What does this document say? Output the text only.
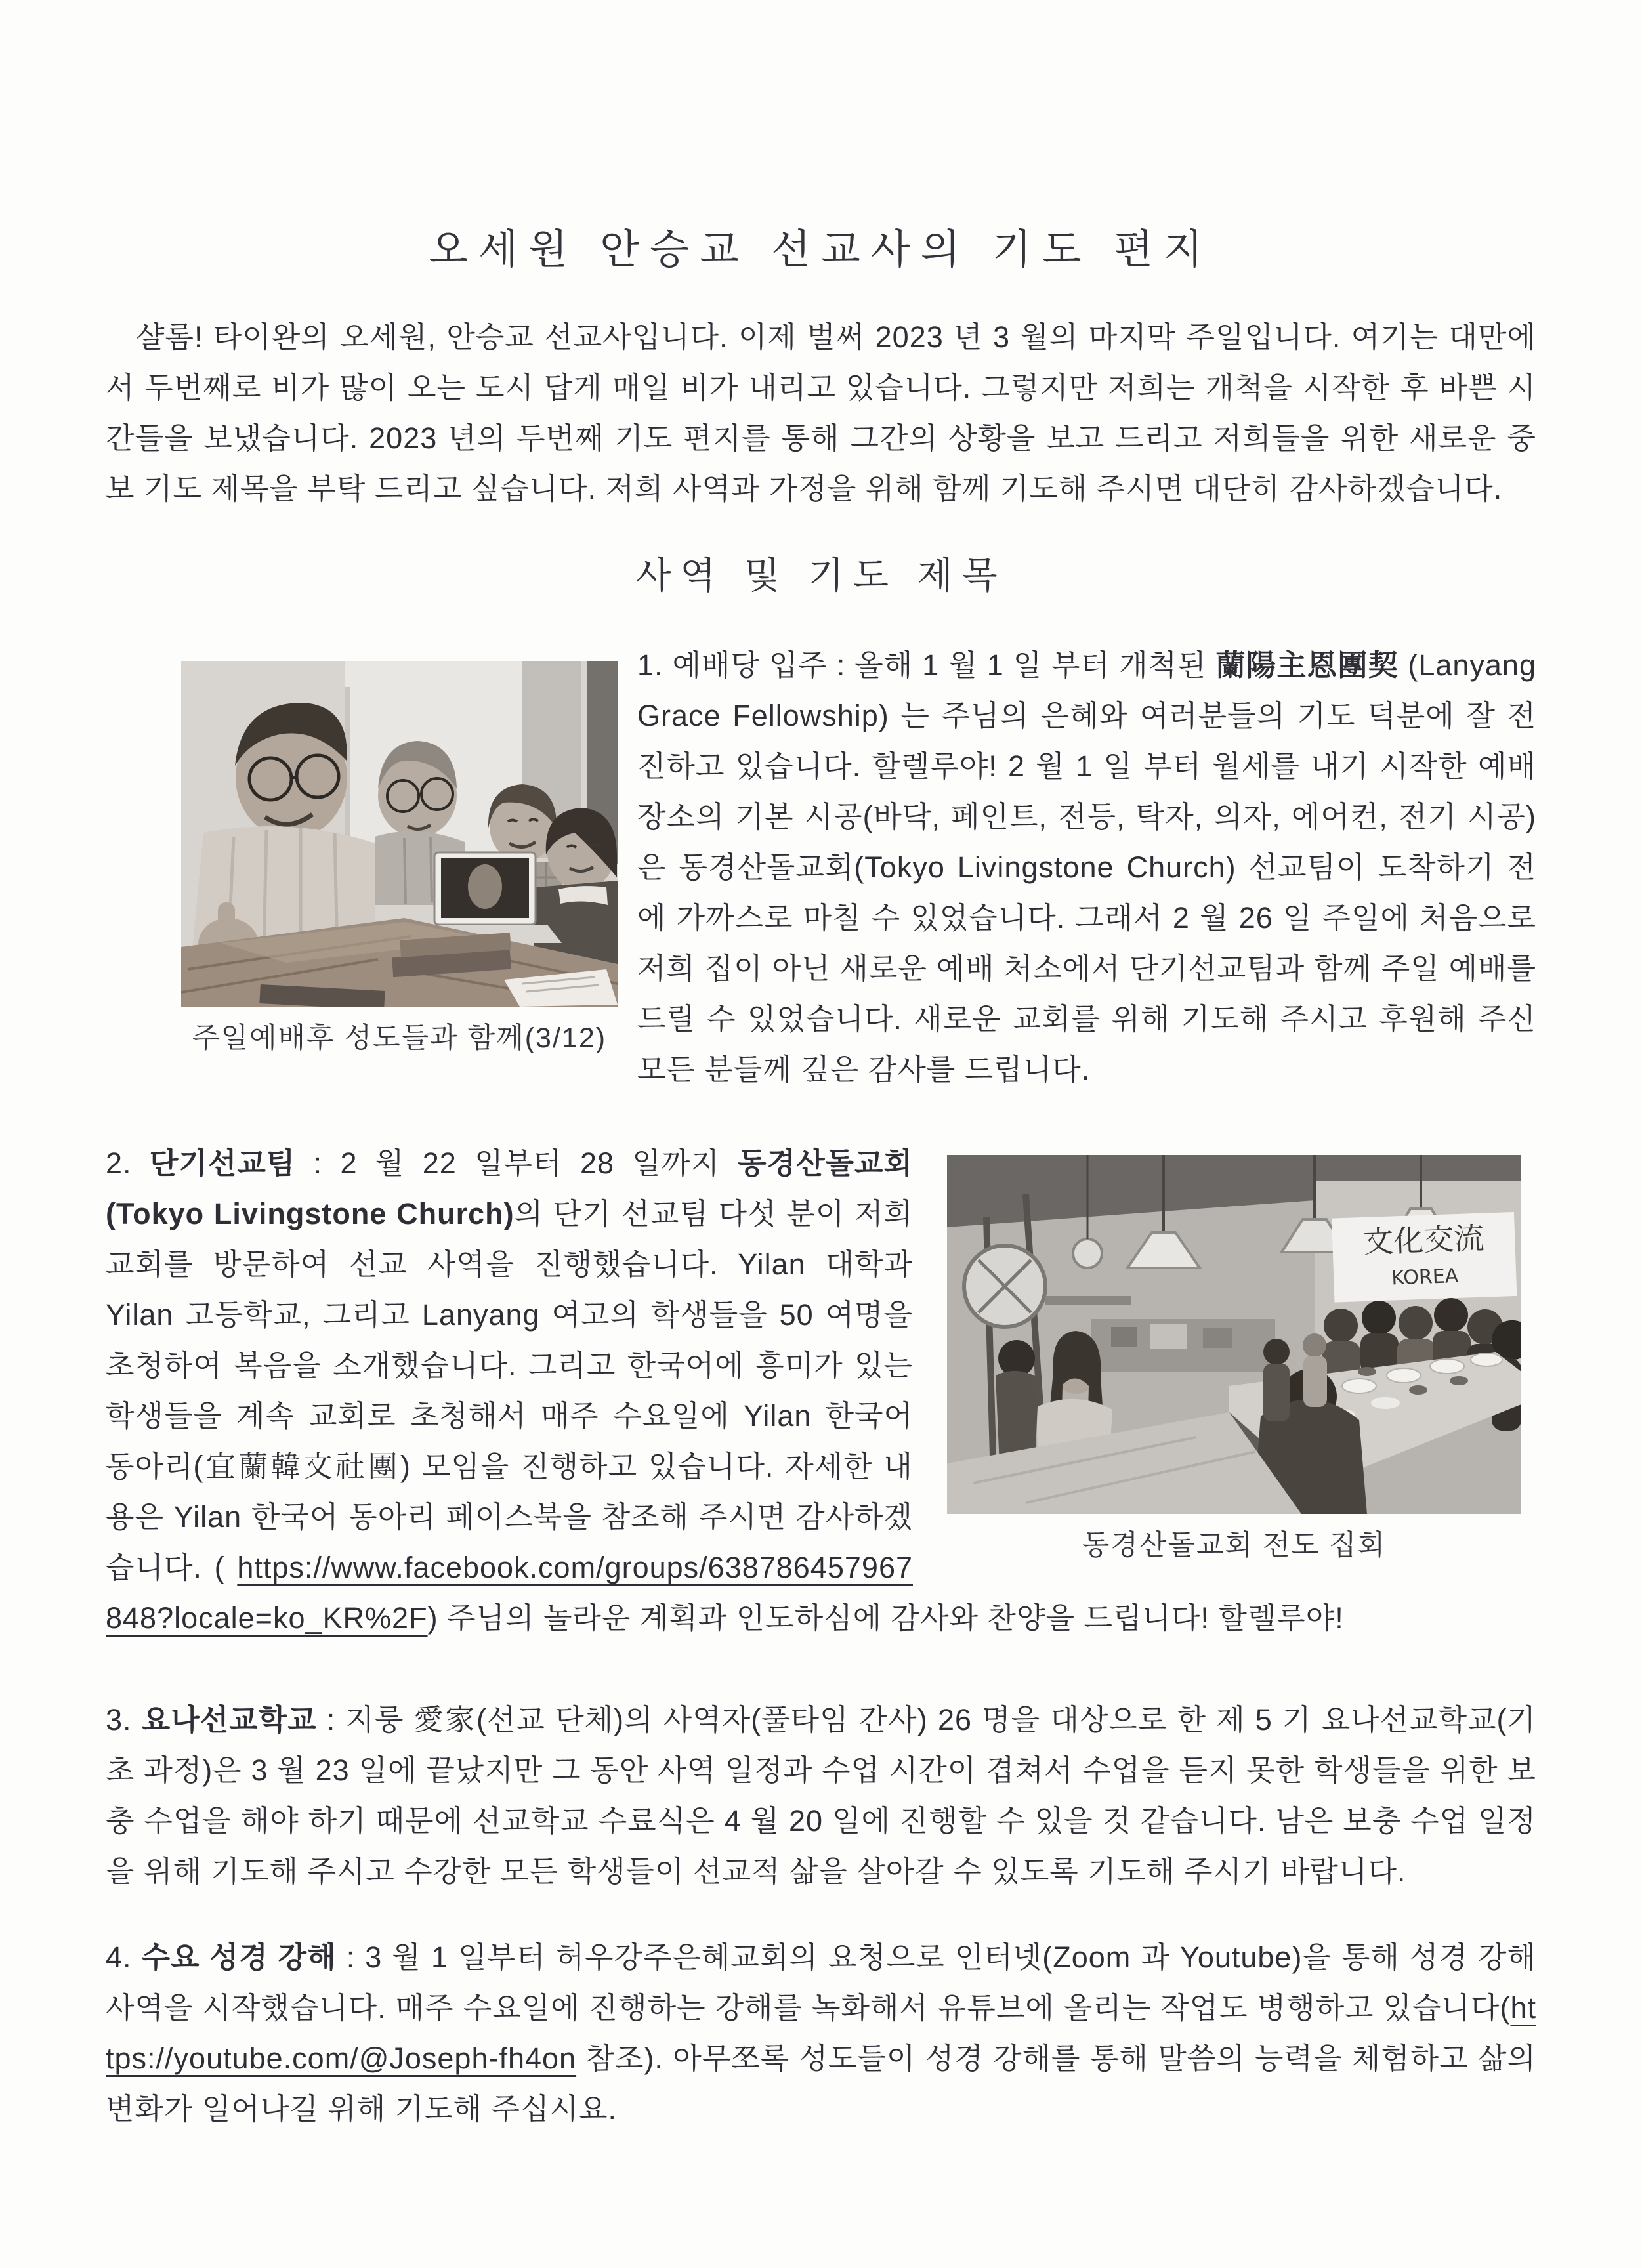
오세원 안승교 선교사의 기도 편지

샬롬! 타이완의 오세원, 안승교 선교사입니다. 이제 벌써 2023 년 3 월의 마지막 주일입니다. 여기는 대만에서 두번째로 비가 많이 오는 도시 답게 매일 비가 내리고 있습니다. 그렇지만 저희는 개척을 시작한 후 바쁜 시간들을 보냈습니다. 2023 년의 두번째 기도 편지를 통해 그간의 상황을 보고 드리고 저희들을 위한 새로운 중보 기도 제목을 부탁 드리고 싶습니다. 저희 사역과 가정을 위해 함께 기도해 주시면 대단히 감사하겠습니다.

사역 및 기도 제목
주일예배후 성도들과 함께(3/12)

1. 예배당 입주 : 올해 1 월 1 일 부터 개척된 蘭陽主恩團契 (Lanyang Grace Fellowship) 는 주님의 은혜와 여러분들의 기도 덕분에 잘 전진하고 있습니다. 할렐루야! 2 월 1 일 부터 월세를 내기 시작한 예배 장소의 기본 시공(바닥, 페인트, 전등, 탁자, 의자, 에어컨, 전기 시공)은 동경산돌교회(Tokyo Livingstone Church) 선교팀이 도착하기 전에 가까스로 마칠 수 있었습니다. 그래서 2 월 26 일 주일에 처음으로 저희 집이 아닌 새로운 예배 처소에서 단기선교팀과 함께 주일 예배를 드릴 수 있었습니다. 새로운 교회를 위해 기도해 주시고 후원해 주신 모든 분들께 깊은 감사를 드립니다.

文化交流
KOREA
동경산돌교회 전도 집회

2. 단기선교팀 : 2 월 22 일부터 28 일까지 동경산돌교회(Tokyo Livingstone Church)의 단기 선교팀 다섯 분이 저희 교회를 방문하여 선교 사역을 진행했습니다. Yilan 대학과 Yilan 고등학교, 그리고 Lanyang 여고의 학생들을 50 여명을 초청하여 복음을 소개했습니다. 그리고 한국어에 흥미가 있는 학생들을 계속 교회로 초청해서 매주 수요일에 Yilan 한국어 동아리(宜蘭韓文社團) 모임을 진행하고 있습니다. 자세한 내용은 Yilan 한국어 동아리 페이스북을 참조해 주시면 감사하겠습니다. ( https://www.facebook.com/groups/638786457967848?locale=ko_KR%2F) 주님의 놀라운 계획과 인도하심에 감사와 찬양을 드립니다! 할렐루야!

3. 요나선교학교 : 지룽 愛家(선교 단체)의 사역자(풀타임 간사) 26 명을 대상으로 한 제 5 기 요나선교학교(기초 과정)은 3 월 23 일에 끝났지만 그 동안 사역 일정과 수업 시간이 겹쳐서 수업을 듣지 못한 학생들을 위한 보충 수업을 해야 하기 때문에 선교학교 수료식은 4 월 20 일에 진행할 수 있을 것 같습니다. 남은 보충 수업 일정을 위해 기도해 주시고 수강한 모든 학생들이 선교적 삶을 살아갈 수 있도록 기도해 주시기 바랍니다.

4. 수요 성경 강해 : 3 월 1 일부터 허우강주은혜교회의 요청으로 인터넷(Zoom 과 Youtube)을 통해 성경 강해 사역을 시작했습니다. 매주 수요일에 진행하는 강해를 녹화해서 유튜브에 올리는 작업도 병행하고 있습니다(https://youtube.com/@Joseph-fh4on 참조). 아무쪼록 성도들이 성경 강해를 통해 말씀의 능력을 체험하고 삶의 변화가 일어나길 위해 기도해 주십시요.
